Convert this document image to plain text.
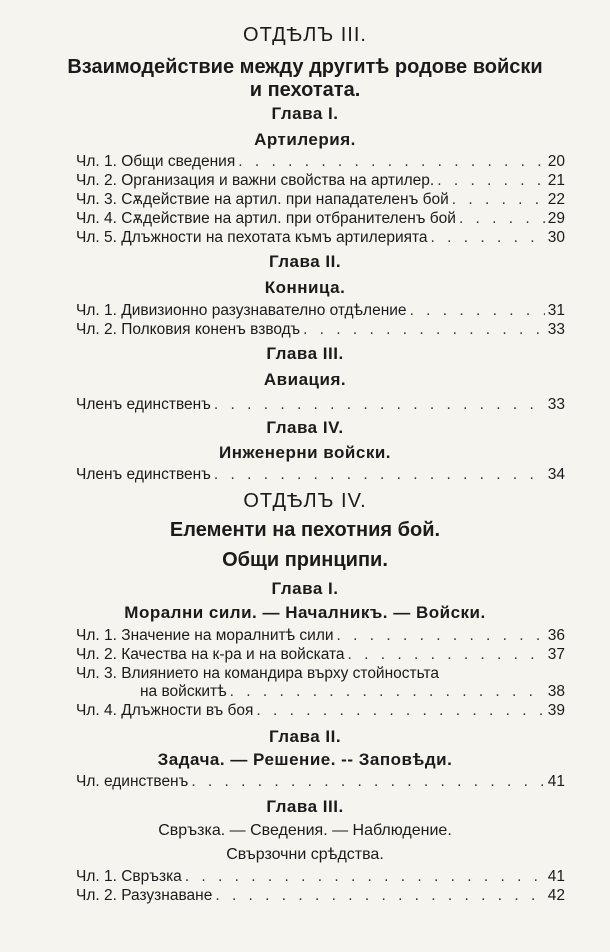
ОТДѢЛЪ III.
Взаимодействие между другитѣ родове войски
и пехотата.
Глава I.
Артилерия.
Чл. 1. Общи сведения . . .	20
Чл. 2. Организация и важни свойства на артилер. . . .	21
Чл. 3. Сѫдействие на артил. при нападателенъ бой . . .	22
Чл. 4. Сѫдействие на артил. при отбранителенъ бой . . .	29
Чл. 5. Длъжности на пехотата къмъ артилерията . . .	30
Глава II.
Конница.
Чл. 1. Дивизионно разузнавателно отдѣление . . .	31
Чл. 2. Полковия коненъ взводъ . . .	33
Глава III.
Авиация.
Членъ единственъ . . .	33
Глава IV.
Инженерни войски.
Членъ единственъ . . .	34
ОТДѢЛЪ IV.
Елементи на пехотния бой.
Общи принципи.
Глава I.
Морални сили. — Началникъ. — Войски.
Чл. 1. Значение на моралнитѣ сили . . .	36
Чл. 2. Качества на к-ра и на войската . . .	37
Чл. 3. Влиянието на командира върху стойностьта
на войскитѣ . . .	38
Чл. 4. Длъжности въ боя . . .	39
Глава II.
Задача. — Решение. -- Заповѣди.
Чл. единственъ . . .	41
Глава III.
Свръзка. — Сведения. — Наблюдение.
Свързочни срѣдства.
Чл. 1. Свръзка . . .	41
Чл. 2. Разузнаване . . .	42
